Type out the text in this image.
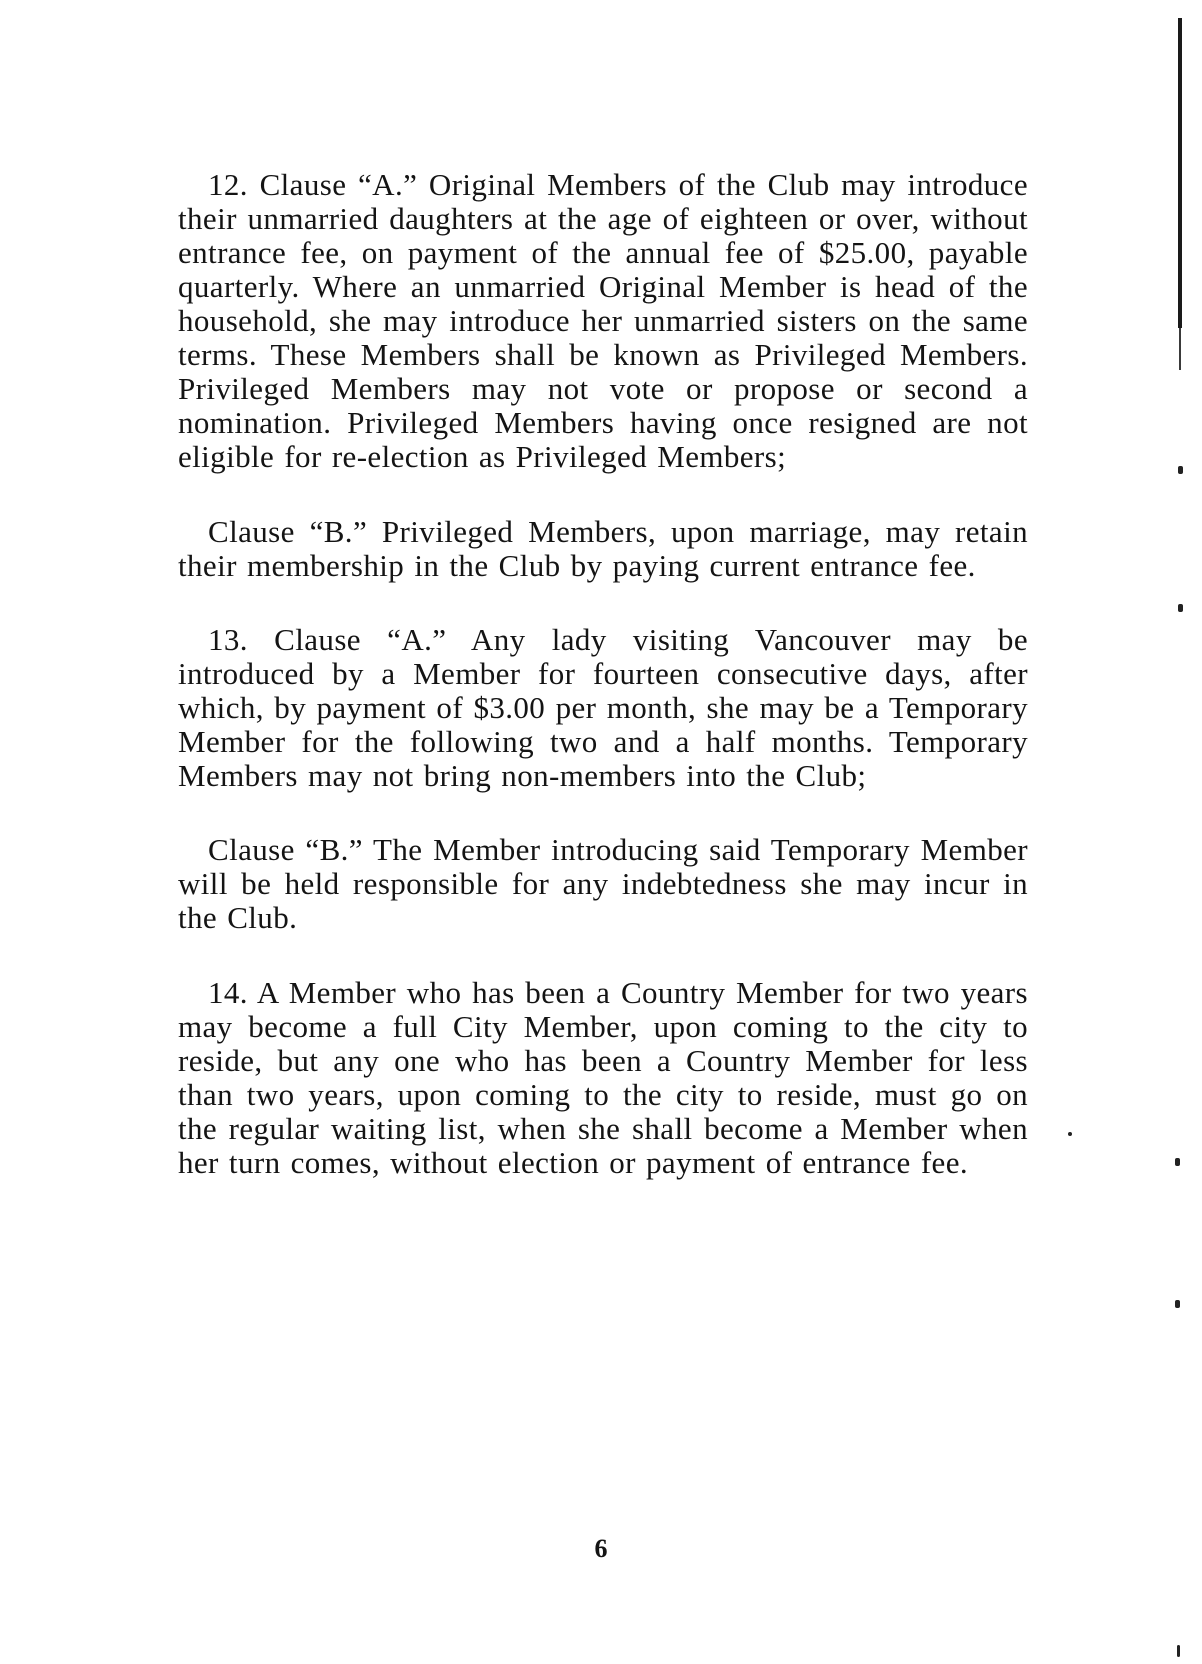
12. Clause “A.” Original Members of the Club may introduce their unmarried daughters at the age of eighteen or over, without entrance fee, on payment of the annual fee of $25.00, payable quarterly. Where an unmarried Original Member is head of the household, she may introduce her unmarried sisters on the same terms. These Members shall be known as Privileged Members. Privileged Members may not vote or propose or second a nomination. Privileged Members having once resigned are not eligible for re-election as Privileged Members;

Clause “B.” Privileged Members, upon marriage, may retain their membership in the Club by paying current entrance fee.

13. Clause “A.” Any lady visiting Vancouver may be introduced by a Member for fourteen consecutive days, after which, by payment of $3.00 per month, she may be a Temporary Member for the following two and a half months. Temporary Members may not bring non-members into the Club;

Clause “B.” The Member introducing said Temporary Member will be held responsible for any indebtedness she may incur in the Club.

14. A Member who has been a Country Member for two years may become a full City Member, upon coming to the city to reside, but any one who has been a Country Member for less than two years, upon coming to the city to reside, must go on the regular waiting list, when she shall become a Member when her turn comes, without election or payment of entrance fee.

6
